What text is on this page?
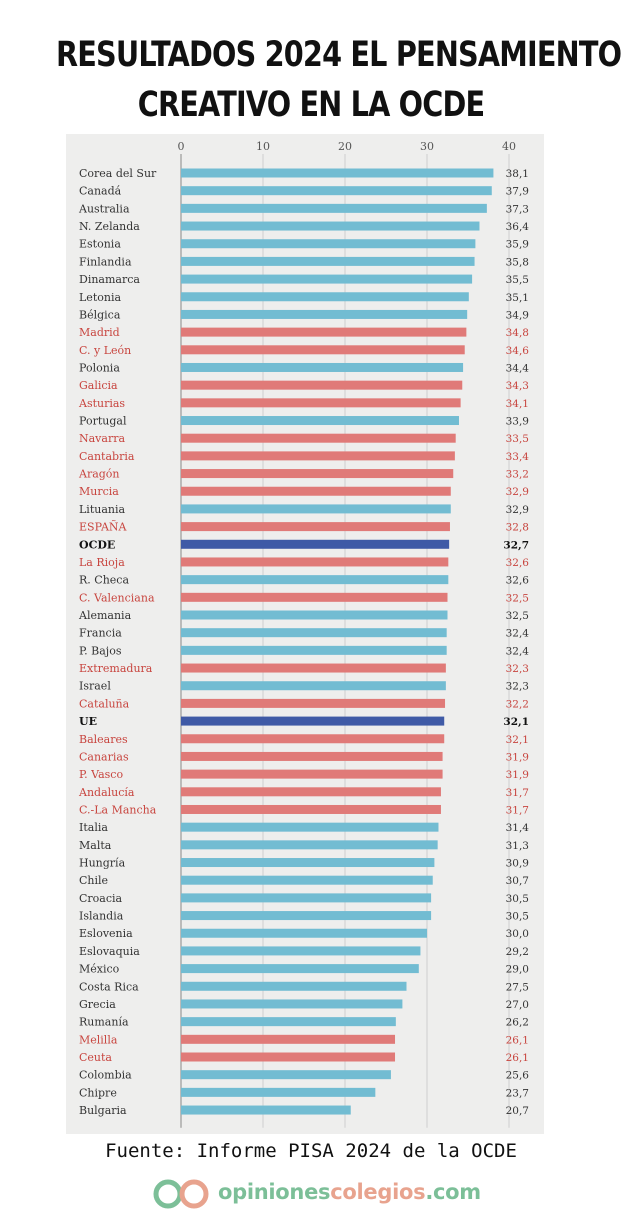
RESULTADOS 2024 EL PENSAMIENTO
CREATIVO EN LA OCDE
0	10	20	30	40
Corea del Sur	38,1
Canadá	37,9
Australia	37,3
N. Zelanda	36,4
Estonia	35,9
Finlandia	35,8
Dinamarca	35,5
Letonia	35,1
Bélgica	34,9
Madrid	34,8
C. y León	34,6
Polonia	34,4
Galicia	34,3
Asturias	34,1
Portugal	33,9
Navarra	33,5
Cantabria	33,4
Aragón	33,2
Murcia	32,9
Lituania	32,9
ESPAÑA	32,8
OCDE	32,7
La Rioja	32,6
R. Checa	32,6
C. Valenciana	32,5
Alemania	32,5
Francia	32,4
P. Bajos	32,4
Extremadura	32,3
Israel	32,3
Cataluña	32,2
UE	32,1
Baleares	32,1
Canarias	31,9
P. Vasco	31,9
Andalucía	31,7
C.-La Mancha	31,7
Italia	31,4
Malta	31,3
Hungría	30,9
Chile	30,7
Croacia	30,5
Islandia	30,5
Eslovenia	30,0
Eslovaquia	29,2
México	29,0
Costa Rica	27,5
Grecia	27,0
Rumanía	26,2
Melilla	26,1
Ceuta	26,1
Colombia	25,6
Chipre	23,7
Bulgaria	20,7
Fuente: Informe PISA 2024 de la OCDE
opinionescolegios.com
